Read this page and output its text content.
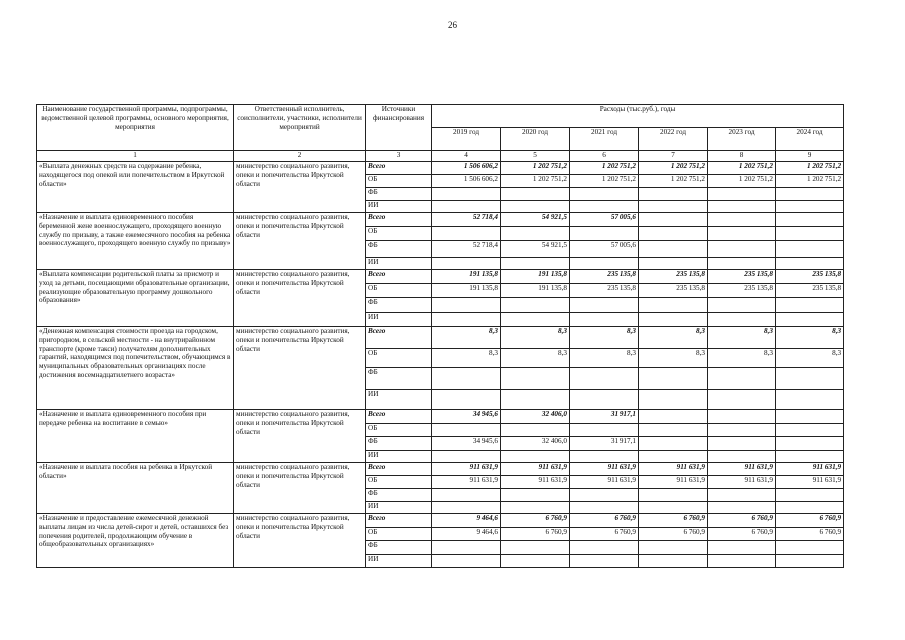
26
Наименование государственной программы, подпрограммы, ведомственной целевой программы, основного мероприятия, мероприятия	Ответственный исполнитель, соисполнители, участники, исполнители мероприятий	Источники финансирования	Расходы (тыс.руб.), годы					
			2019 год	2020 год	2021 год	2022 год	2023 год	2024 год
1	2	3	4	5	6	7	8	9
«Выплата денежных средств на содержание ребенка, находящегося под опекой или попечительством в Иркутской области»	министерство социального развития, опеки и попечительства Иркутской области	Всего	1 506 606,2	1 202 751,2	1 202 751,2	1 202 751,2	1 202 751,2	1 202 751,2
		ОБ	1 506 606,2	1 202 751,2	1 202 751,2	1 202 751,2	1 202 751,2	1 202 751,2
		ФБ						
		ИИ						
«Назначение и выплата единовременного пособия беременной жене военнослужащего, проходящего военную службу по призыву, а также ежемесячного пособия на ребенка военнослужащего, проходящего военную службу по призыву»	министерство социального развития, опеки и попечительства Иркутской области	Всего	52 718,4	54 921,5	57 005,6			
		ОБ						
		ФБ	52 718,4	54 921,5	57 005,6			
		ИИ						
«Выплата компенсации родительской платы за присмотр и уход за детьми, посещающими образовательные организации, реализующие образовательную программу дошкольного образования»	министерство социального развития, опеки и попечительства Иркутской области	Всего	191 135,8	191 135,8	235 135,8	235 135,8	235 135,8	235 135,8
		ОБ	191 135,8	191 135,8	235 135,8	235 135,8	235 135,8	235 135,8
		ФБ						
		ИИ						
«Денежная компенсация стоимости проезда на городском, пригородном, в сельской местности - на внутрирайонном транспорте (кроме такси) получателям дополнительных гарантий, находящимся под попечительством, обучающимся в муниципальных образовательных организациях после достижения восемнадцатилетнего возраста»	министерство социального развития, опеки и попечительства Иркутской области	Всего	8,3	8,3	8,3	8,3	8,3	8,3
		ОБ	8,3	8,3	8,3	8,3	8,3	8,3
		ФБ						
		ИИ						
«Назначение и выплата единовременного пособия при передаче ребенка на воспитание в семью»	министерство социального развития, опеки и попечительства Иркутской области	Всего	34 945,6	32 406,0	31 917,1			
		ОБ						
		ФБ	34 945,6	32 406,0	31 917,1			
		ИИ						
«Назначение и выплата пособия на ребенка в Иркутской области»	министерство социального развития, опеки и попечительства Иркутской области	Всего	911 631,9	911 631,9	911 631,9	911 631,9	911 631,9	911 631,9
		ОБ	911 631,9	911 631,9	911 631,9	911 631,9	911 631,9	911 631,9
		ФБ						
		ИИ						
«Назначение и предоставление ежемесячной денежной выплаты лицам из числа детей-сирот и детей, оставшихся без попечения родителей, продолжающим обучение в общеобразовательных организациях»	министерство социального развития, опеки и попечительства Иркутской области	Всего	9 464,6	6 760,9	6 760,9	6 760,9	6 760,9	6 760,9
		ОБ	9 464,6	6 760,9	6 760,9	6 760,9	6 760,9	6 760,9
		ФБ						
		ИИ						
